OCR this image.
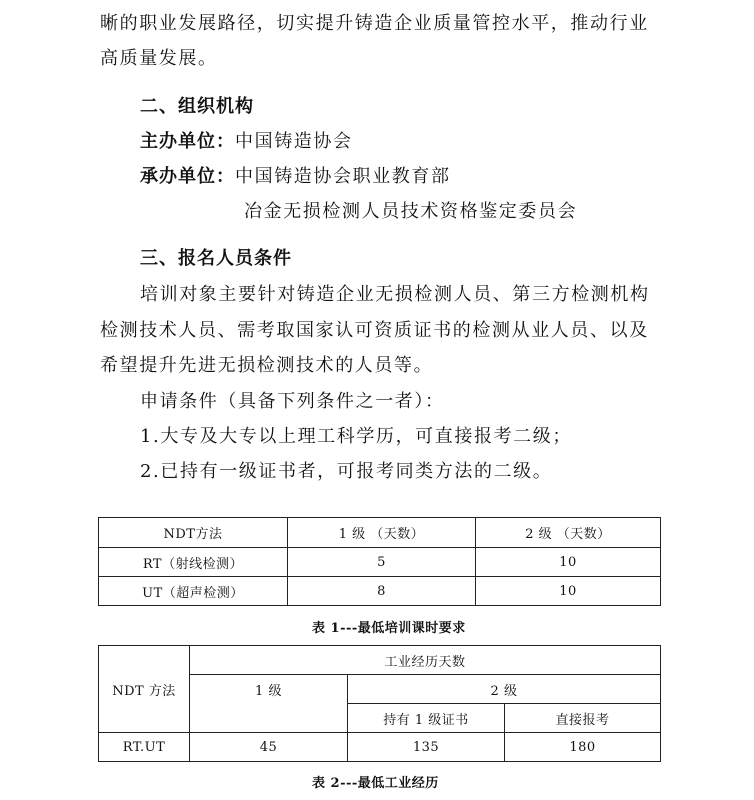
晰的职业发展路径，切实提升铸造企业质量管控水平，推动行业
高质量发展。
二、组织机构
主办单位：中国铸造协会
承办单位：中国铸造协会职业教育部
冶金无损检测人员技术资格鉴定委员会
三、报名人员条件
培训对象主要针对铸造企业无损检测人员、第三方检测机构
检测技术人员、需考取国家认可资质证书的检测从业人员、以及
希望提升先进无损检测技术的人员等。
申请条件（具备下列条件之一者）：
1.大专及大专以上理工科学历，可直接报考二级；
2.已持有一级证书者，可报考同类方法的二级。
NDT方法	1 级 （天数）	2 级 （天数）
RT（射线检测）	5	10
UT（超声检测）	8	10
表 1---最低培训课时要求
NDT 方法	工业经历天数		
	1 级	2 级	
		持有 1 级证书	直接报考
RT.UT	45	135	180
表 2---最低工业经历
